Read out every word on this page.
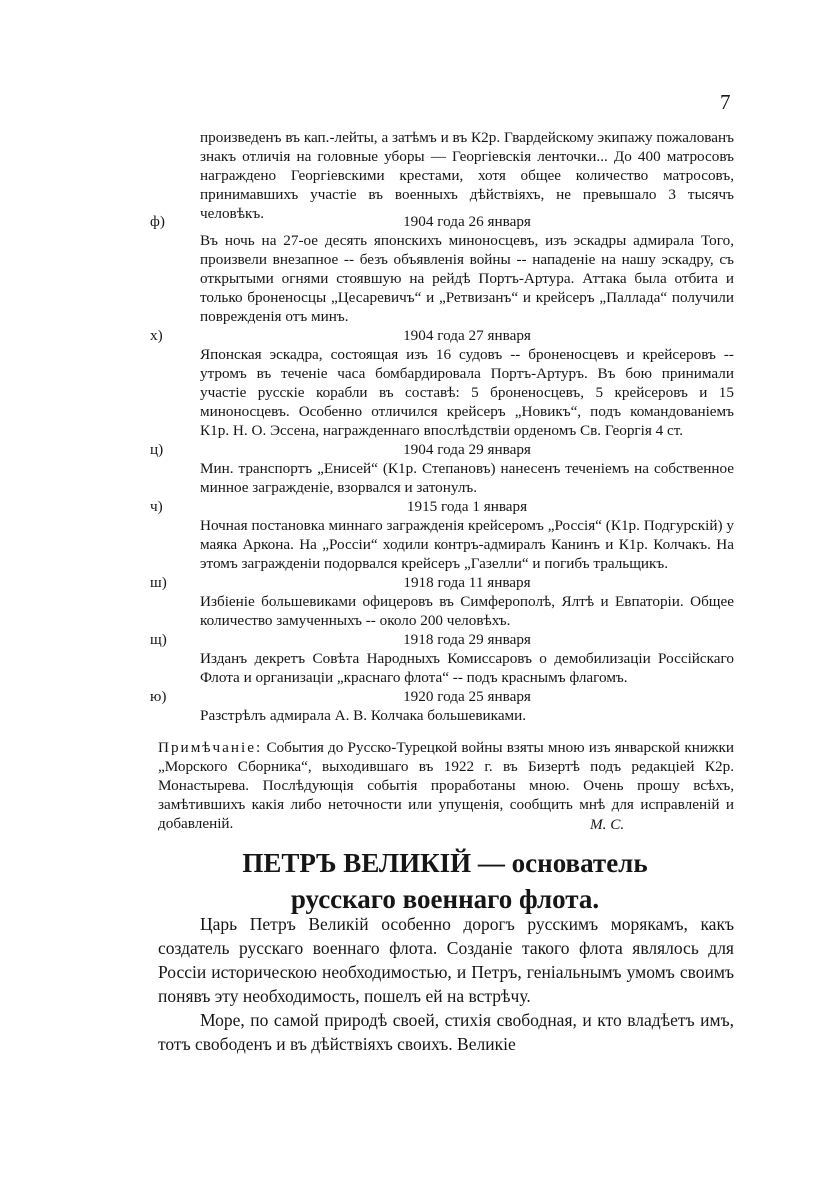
7
произведенъ въ кап.-лейты, а затѣмъ и въ К2р. Гвардейскому экипажу пожалованъ знакъ отличія на головные уборы — Георгіевскія ленточки... До 400 матросовъ награждено Георгіевскими крестами, хотя общее количество матросовъ, принимавшихъ участіе въ военныхъ дѣйствіяхъ, не превышало 3 тысячъ человѣкъ.
ф)	1904 года 26 января
Въ ночь на 27-ое десять японскихъ миноносцевъ, изъ эскадры адмирала Того, произвели внезапное -- безъ объявленія войны -- нападеніе на нашу эскадру, съ открытыми огнями стоявшую на рейдѣ Портъ-Артура. Аттака была отбита и только броненосцы „Цесаревичъ“ и „Ретвизанъ“ и крейсеръ „Паллада“ получили поврежденія отъ минъ.
х)	1904 года 27 января
Японская эскадра, состоящая изъ 16 судовъ -- броненосцевъ и крейсеровъ -- утромъ въ теченіе часа бомбардировала Портъ-Артуръ. Въ бою принимали участіе русскіе корабли въ составѣ: 5 броненосцевъ, 5 крейсеровъ и 15 миноносцевъ. Особенно отличился крейсеръ „Новикъ“, подъ командованіемъ К1р. Н. О. Эссена, награжденнаго впослѣдствіи орденомъ Св. Георгія 4 ст.
ц)	1904 года 29 января
Мин. транспортъ „Енисей“ (К1р. Степановъ) нанесенъ теченіемъ на собственное минное загражденіе, взорвался и затонулъ.
ч)	1915 года 1 января
Ночная постановка миннаго загражденія крейсеромъ „Россія“ (К1р. Подгурскій) у маяка Аркона. На „Россіи“ ходили контръ-адмиралъ Канинъ и К1р. Колчакъ. На этомъ загражденіи подорвался крейсеръ „Газелли“ и погибъ тральщикъ.
ш)	1918 года 11 января
Избіеніе большевиками офицеровъ въ Симферополѣ, Ялтѣ и Евпаторіи. Общее количество замученныхъ -- около 200 человѣхъ.
щ)	1918 года 29 января
Изданъ декретъ Совѣта Народныхъ Комиссаровъ о демобилизаціи Россійскаго Флота и организаціи „краснаго флота“ -- подъ краснымъ флагомъ.
ю)	1920 года 25 января
Разстрѣлъ адмирала А. В. Колчака большевиками.
Примѣчаніе: События до Русско-Турецкой войны взяты мною изъ январской книжки „Морского Сборника“, выходившаго въ 1922 г. въ Бизертѣ подъ редакціей К2р. Монастырева. Послѣдующія событія проработаны мною. Очень прошу всѣхъ, замѣтившихъ какія либо неточности или упущенія, сообщить мнѣ для исправленій и добавленій.	М. С.
ПЕТРЪ ВЕЛИКІЙ — основатель
русскаго военнаго флота.

Царь Петръ Великій особенно дорогъ русскимъ морякамъ, какъ создатель русскаго военнаго флота. Созданіе такого флота являлось для Россіи историческою необходимостью, и Петръ, геніальнымъ умомъ своимъ понявъ эту необходимость, пошелъ ей на встрѣчу.

Море, по самой природѣ своей, стихія свободная, и кто владѣетъ имъ, тотъ свободенъ и въ дѣйствіяхъ своихъ. Великіе
